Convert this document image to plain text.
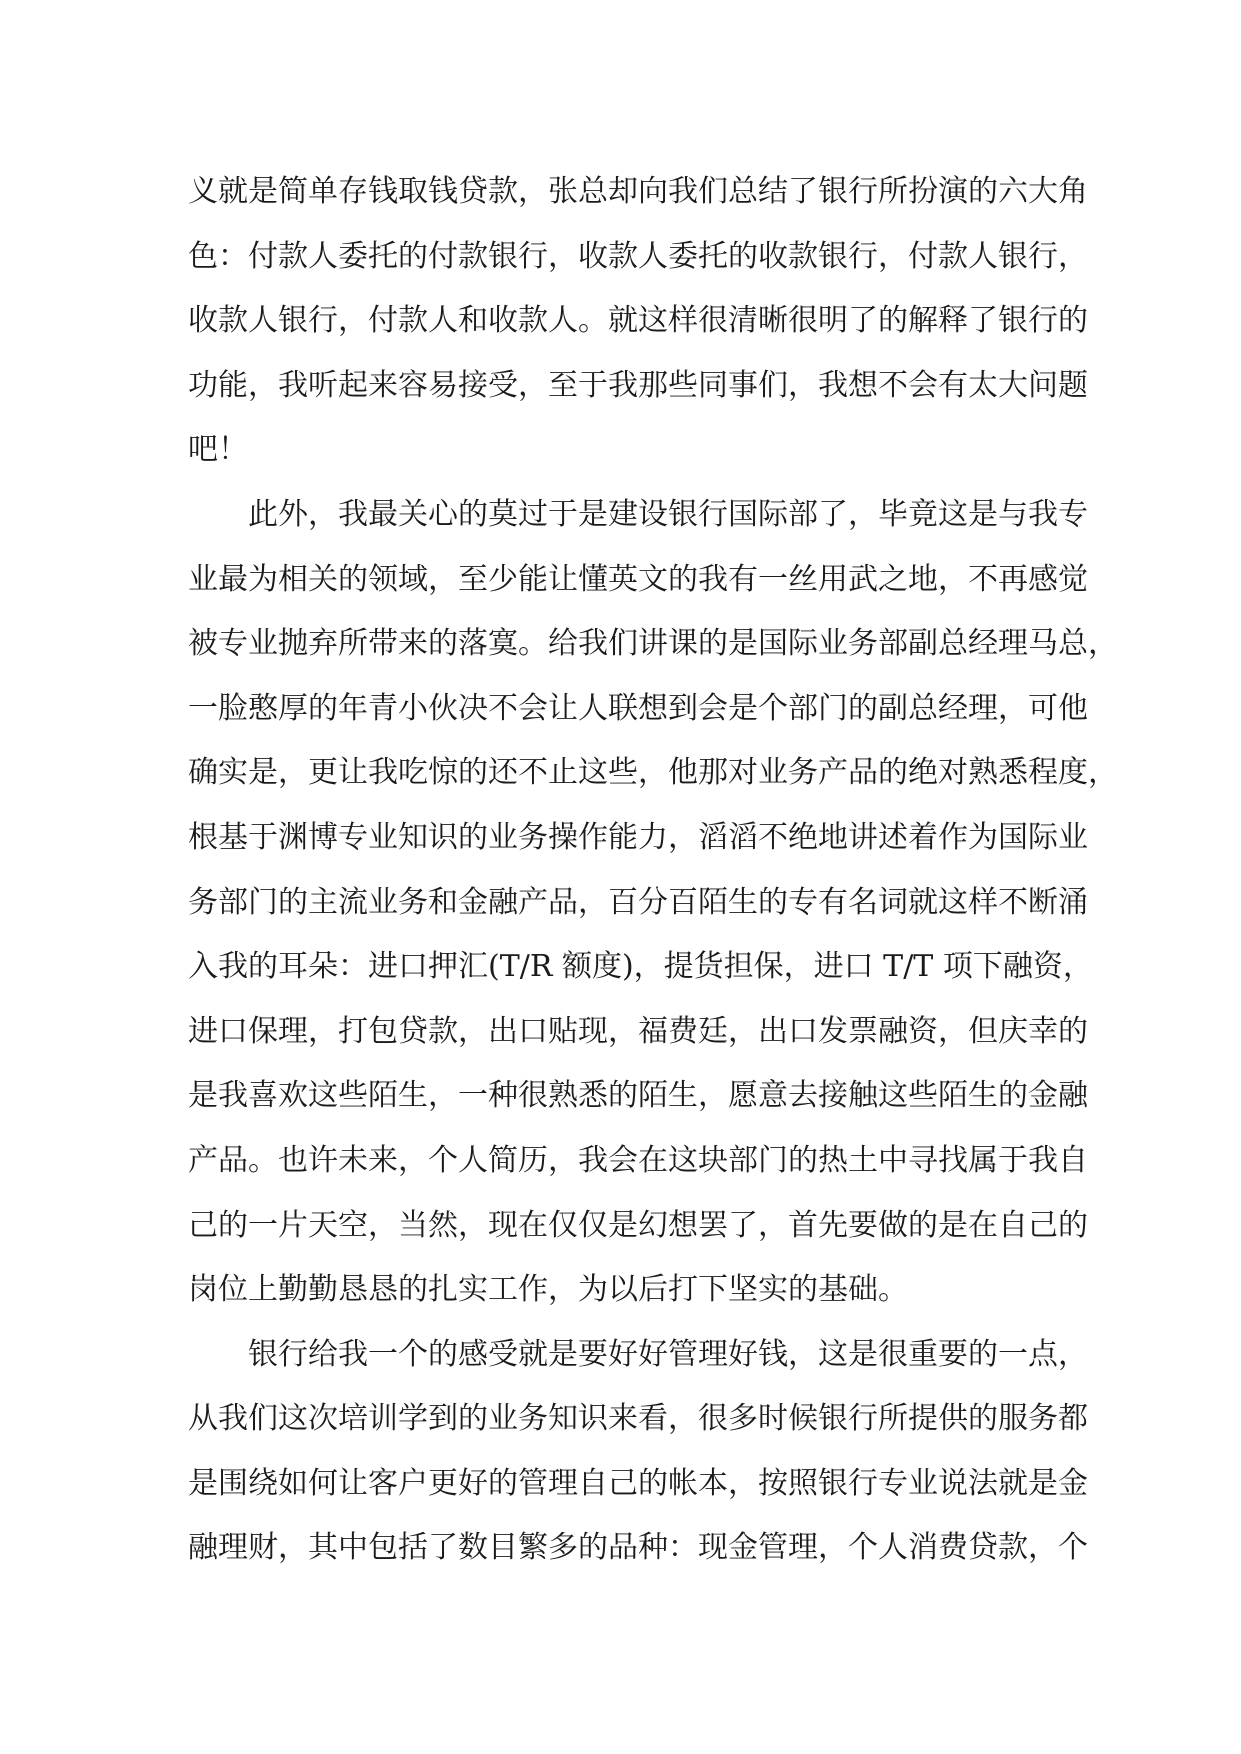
义就是简单存钱取钱贷款，张总却向我们总结了银行所扮演的六大角
色：付款人委托的付款银行，收款人委托的收款银行，付款人银行，
收款人银行，付款人和收款人。就这样很清晰很明了的解释了银行的
功能，我听起来容易接受，至于我那些同事们，我想不会有太大问题
吧！
此外，我最关心的莫过于是建设银行国际部了，毕竟这是与我专
业最为相关的领域，至少能让懂英文的我有一丝用武之地，不再感觉
被专业抛弃所带来的落寞。给我们讲课的是国际业务部副总经理马总，
一脸憨厚的年青小伙决不会让人联想到会是个部门的副总经理，可他
确实是，更让我吃惊的还不止这些，他那对业务产品的绝对熟悉程度，
根基于渊博专业知识的业务操作能力，滔滔不绝地讲述着作为国际业
务部门的主流业务和金融产品，百分百陌生的专有名词就这样不断涌
入我的耳朵：进口押汇(T/R 额度)，提货担保，进口 T/T 项下融资，
进口保理，打包贷款，出口贴现，福费廷，出口发票融资，但庆幸的
是我喜欢这些陌生，一种很熟悉的陌生，愿意去接触这些陌生的金融
产品。也许未来，个人简历，我会在这块部门的热土中寻找属于我自
己的一片天空，当然，现在仅仅是幻想罢了，首先要做的是在自己的
岗位上勤勤恳恳的扎实工作，为以后打下坚实的基础。
银行给我一个的感受就是要好好管理好钱，这是很重要的一点，
从我们这次培训学到的业务知识来看，很多时候银行所提供的服务都
是围绕如何让客户更好的管理自己的帐本，按照银行专业说法就是金
融理财，其中包括了数目繁多的品种：现金管理，个人消费贷款，个
